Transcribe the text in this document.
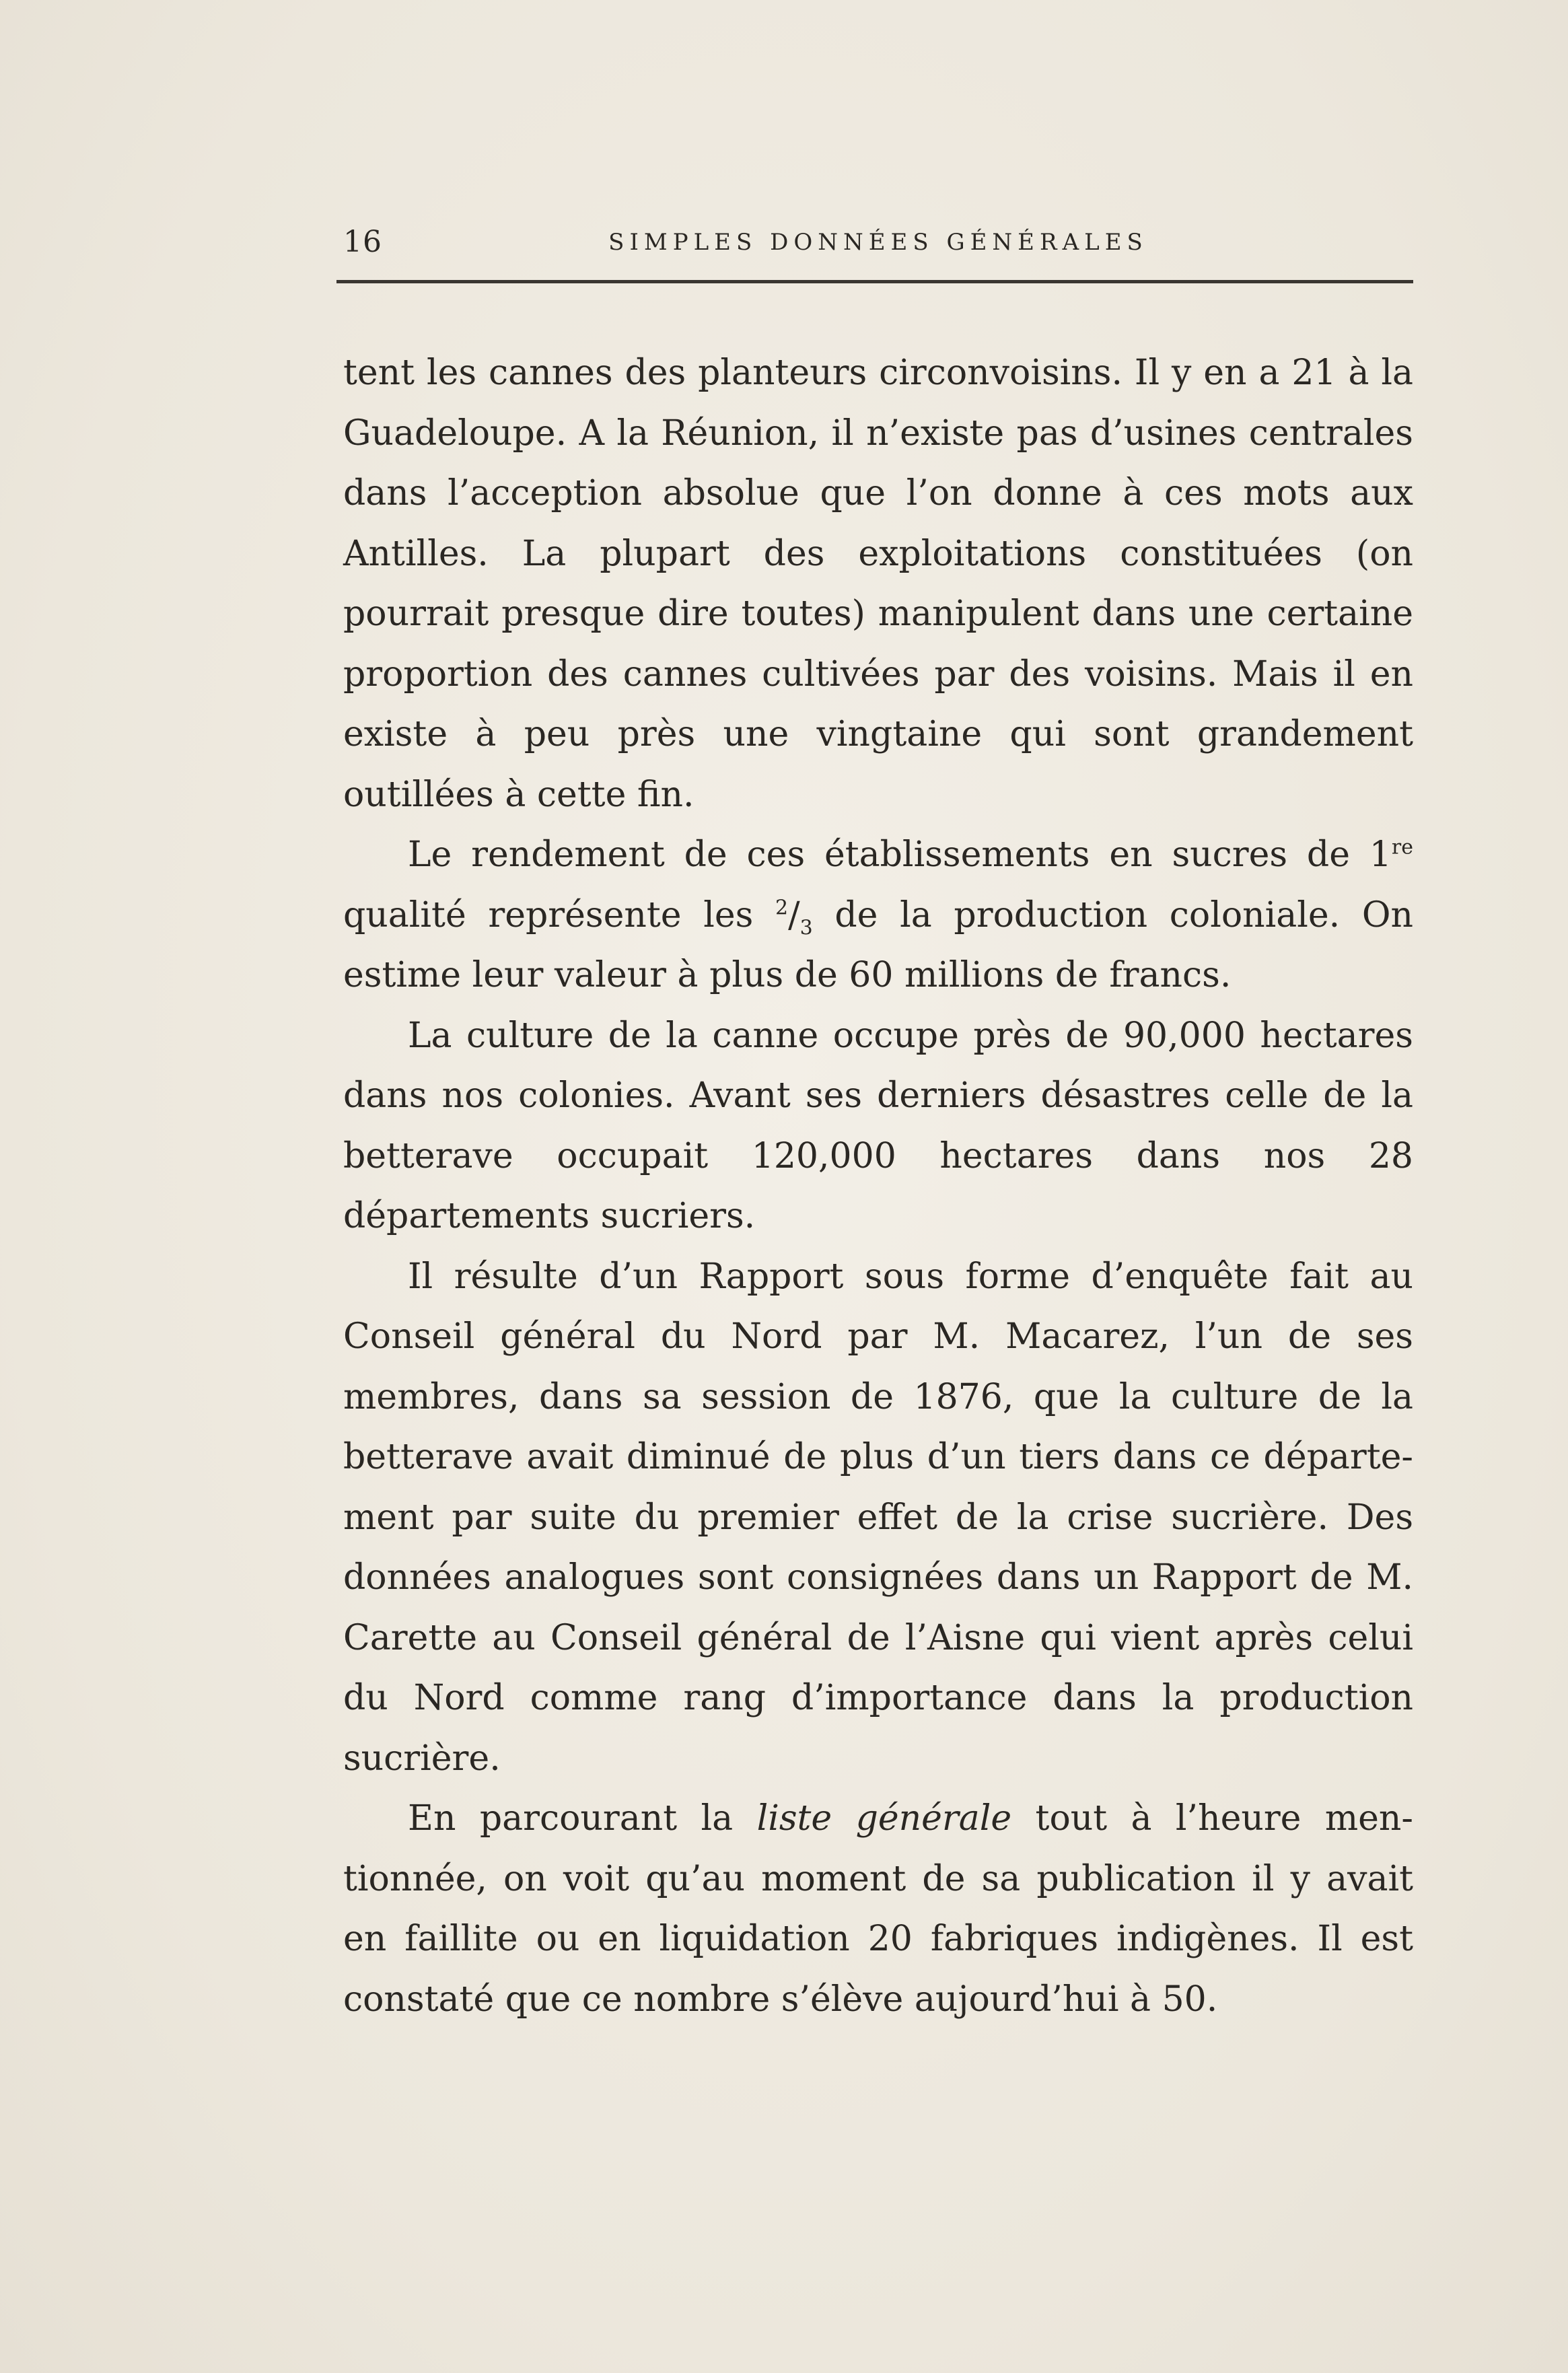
16	SIMPLES DONNÉES GÉNÉRALES

tent les cannes des planteurs circonvoisins. Il y en a 21 à la Guadeloupe. A la Réunion, il n’existe pas d’usines centrales dans l’acception absolue que l’on donne à ces mots aux Antilles. La plupart des exploitations constituées (on pourrait presque dire toutes) manipulent dans une certaine proportion des cannes cultivées par des voisins. Mais il en existe à peu près une vingtaine qui sont grandement outillées à cette fin.

Le rendement de ces établissements en sucres de 1re qualité représente les $^2/_3$ de la production coloniale. On estime leur valeur à plus de 60 millions de francs.

La culture de la canne occupe près de 90,000 hectares dans nos colonies. Avant ses derniers désastres celle de la betterave occupait 120,000 hectares dans nos 28 départements sucriers.

Il résulte d’un Rapport sous forme d’enquête fait au Conseil général du Nord par M. Macarez, l’un de ses membres, dans sa session de 1876, que la culture de la betterave avait diminué de plus d’un tiers dans ce département par suite du premier effet de la crise sucrière. Des données analogues sont consignées dans un Rapport de M. Carette au Conseil général de l’Aisne qui vient après celui du Nord comme rang d’importance dans la production sucrière.

En parcourant la liste générale tout à l’heure mentionnée, on voit qu’au moment de sa publication il y avait en faillite ou en liquidation 20 fabriques indigènes. Il est constaté que ce nombre s’élève aujourd’hui à 50.
